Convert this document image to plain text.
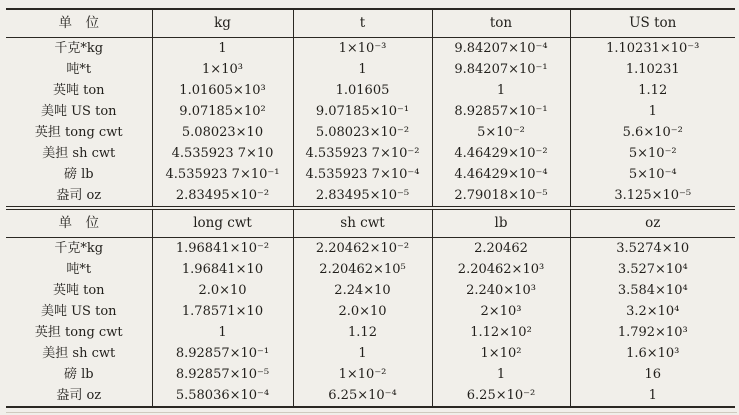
单　位	kg	t	ton	US ton
千克*kg	1	1×10⁻³	9.84207×10⁻⁴	1.10231×10⁻³
吨*t	1×10³	1	9.84207×10⁻¹	1.10231
英吨 ton	1.01605×10³	1.01605	1	1.12
美吨 US ton	9.07185×10²	9.07185×10⁻¹	8.92857×10⁻¹	1
英担 tong cwt	5.08023×10	5.08023×10⁻²	5×10⁻²	5.6×10⁻²
美担 sh cwt	4.535923 7×10	4.535923 7×10⁻²	4.46429×10⁻²	5×10⁻²
磅 lb	4.535923 7×10⁻¹	4.535923 7×10⁻⁴	4.46429×10⁻⁴	5×10⁻⁴
盎司 oz	2.83495×10⁻²	2.83495×10⁻⁵	2.79018×10⁻⁵	3.125×10⁻⁵
单　位	long cwt	sh cwt	lb	oz
千克*kg	1.96841×10⁻²	2.20462×10⁻²	2.20462	3.5274×10
吨*t	1.96841×10	2.20462×10⁵	2.20462×10³	3.527×10⁴
英吨 ton	2.0×10	2.24×10	2.240×10³	3.584×10⁴
美吨 US ton	1.78571×10	2.0×10	2×10³	3.2×10⁴
英担 tong cwt	1	1.12	1.12×10²	1.792×10³
美担 sh cwt	8.92857×10⁻¹	1	1×10²	1.6×10³
磅 lb	8.92857×10⁻⁵	1×10⁻²	1	16
盎司 oz	5.58036×10⁻⁴	6.25×10⁻⁴	6.25×10⁻²	1
